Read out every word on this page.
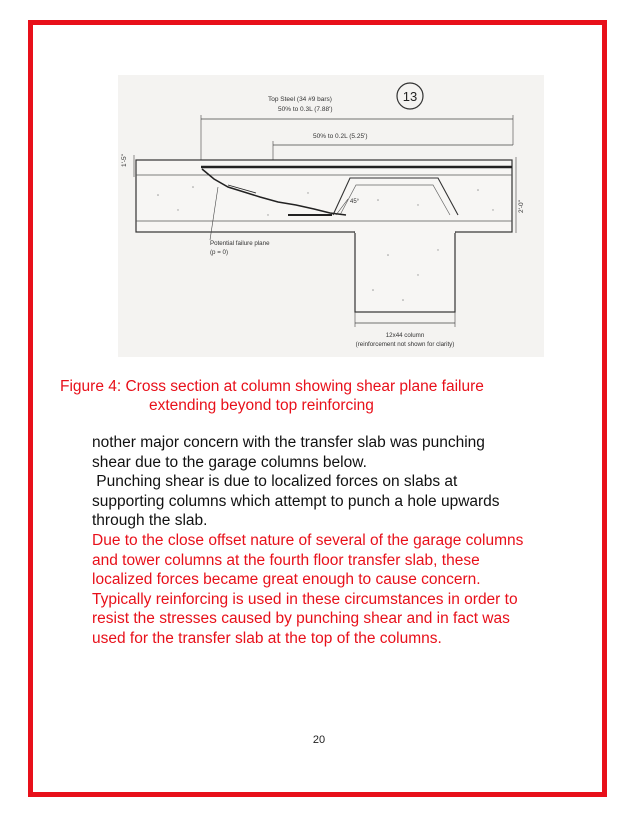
13
Top Steel (34 #9 bars)
50% to 0.3L (7.88')
50% to 0.2L (5.25')
1'-5"
2'-0"
45°
Potential failure plane
(p = 0)
12x44 column
(reinforcement not shown for clarity)
Figure 4: Cross section at column showing shear plane failure
extending beyond top reinforcing
nother major concern with the transfer slab was punching
shear due to the garage columns below.
Punching shear is due to localized forces on slabs at
supporting columns which attempt to punch a hole upwards
through the slab.
Due to the close offset nature of several of the garage columns
and tower columns at the fourth floor transfer slab, these
localized forces became great enough to cause concern.
Typically reinforcing is used in these circumstances in order to
resist the stresses caused by punching shear and in fact was
used for the transfer slab at the top of the columns.
20
